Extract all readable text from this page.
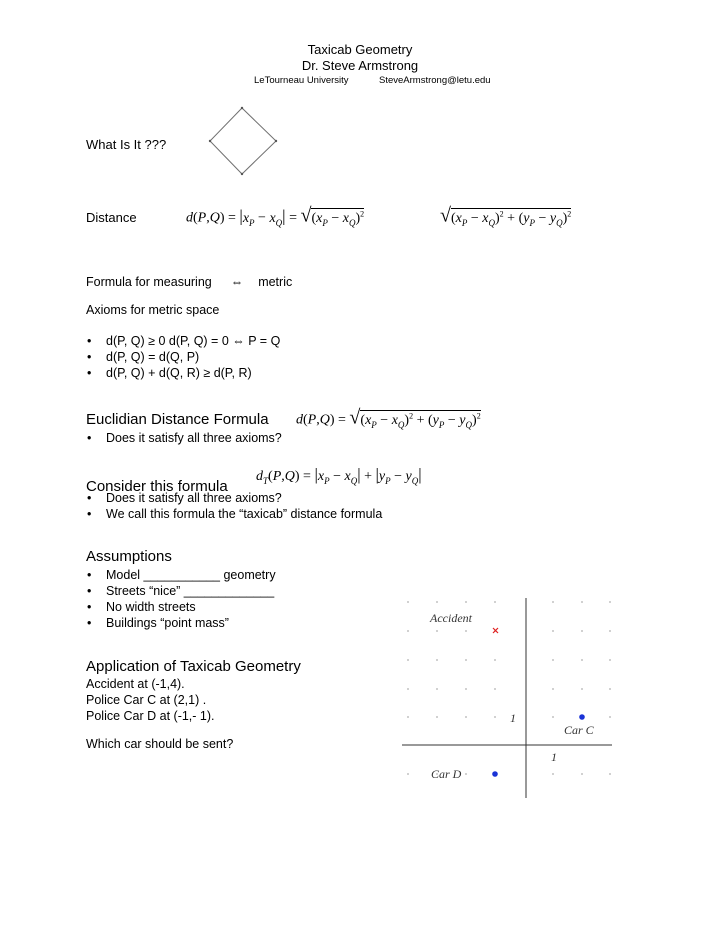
Taxicab Geometry
Dr. Steve Armstrong
LeTourneau University	SteveArmstrong@letu.edu
What Is It ???
Distance	$d(P,Q) = |x_P - x_Q| = √(x_P - x_Q)^2$	$√(x_P - x_Q)^2 + (y_P - y_Q)^2$
Formula for measuring ⇔ metric
Axioms for metric space
• d(P, Q) ≥ 0 d(P, Q) = 0 ⇔ P = Q
• d(P, Q) = d(Q, P)
• d(P, Q) + d(Q, R) ≥ d(P, R)
Euclidian Distance Formula $d(P,Q) = √(x_P - x_Q)^2 + (y_P - y_Q)^2$
• Does it satisfy all three axioms?
$d_T(P,Q) = |x_P - x_Q| + |y_P - y_Q|$
Consider this formula
• Does it satisfy all three axioms?
• We call this formula the “taxicab” distance formula
Assumptions
• Model ___________ geometry
• Streets “nice” _____________
• No width streets
• Buildings “point mass”
Application of Taxicab Geometry
Accident at (-1,4).
Police Car C at (2,1) .
Police Car D at (-1,- 1).
Which car should be sent?
Accident
1
Car C
1
Car D
